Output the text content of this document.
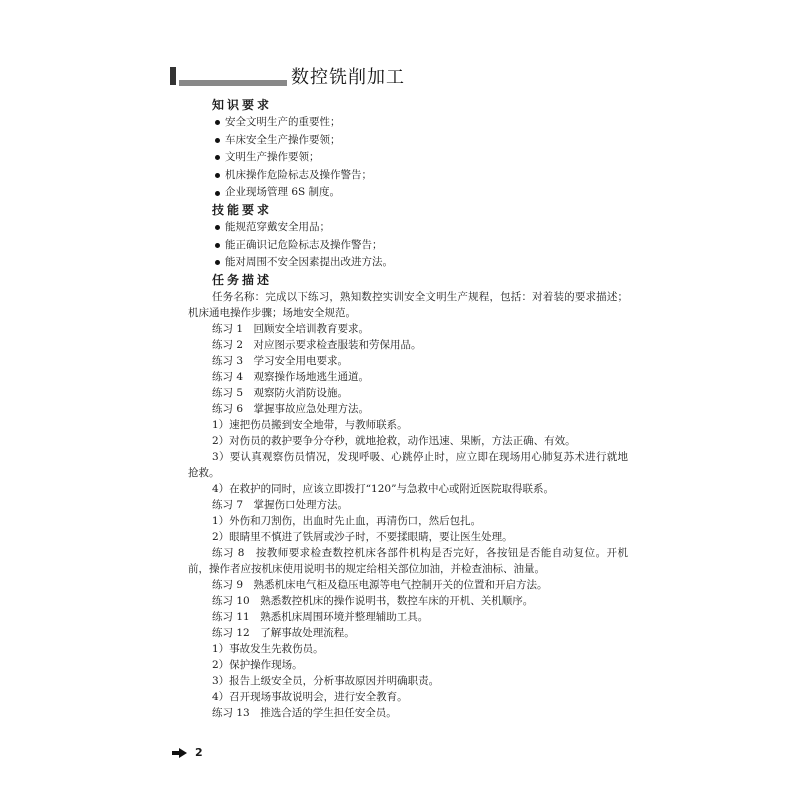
数控铣削加工
知识要求
安全文明生产的重要性；
车床安全生产操作要领；
文明生产操作要领；
机床操作危险标志及操作警告；
企业现场管理 6S 制度。
技能要求
能规范穿戴安全用品；
能正确识记危险标志及操作警告；
能对周围不安全因素提出改进方法。
任务描述

任务名称：完成以下练习，熟知数控实训安全文明生产规程，包括：对着装的要求描述；机床通电操作步骤；场地安全规范。

练习 1　回顾安全培训教育要求。

练习 2　对应图示要求检查服装和劳保用品。

练习 3　学习安全用电要求。

练习 4　观察操作场地逃生通道。

练习 5　观察防火消防设施。

练习 6　掌握事故应急处理方法。

1）速把伤员搬到安全地带，与教师联系。

2）对伤员的救护要争分夺秒，就地抢救，动作迅速、果断，方法正确、有效。

3）要认真观察伤员情况，发现呼吸、心跳停止时，应立即在现场用心肺复苏术进行就地抢救。

4）在救护的同时，应该立即拨打“120”与急救中心或附近医院取得联系。

练习 7　掌握伤口处理方法。

1）外伤和刀割伤，出血时先止血，再清伤口，然后包扎。

2）眼睛里不慎进了铁屑或沙子时，不要揉眼睛，要让医生处理。

练习 8　按教师要求检查数控机床各部件机构是否完好，各按钮是否能自动复位。开机前，操作者应按机床使用说明书的规定给相关部位加油，并检查油标、油量。

练习 9　熟悉机床电气柜及稳压电源等电气控制开关的位置和开启方法。

练习 10　熟悉数控机床的操作说明书，数控车床的开机、关机顺序。

练习 11　熟悉机床周围环境并整理辅助工具。

练习 12　了解事故处理流程。

1）事故发生先救伤员。

2）保护操作现场。

3）报告上级安全员，分析事故原因并明确职责。

4）召开现场事故说明会，进行安全教育。

练习 13　推选合适的学生担任安全员。

2
